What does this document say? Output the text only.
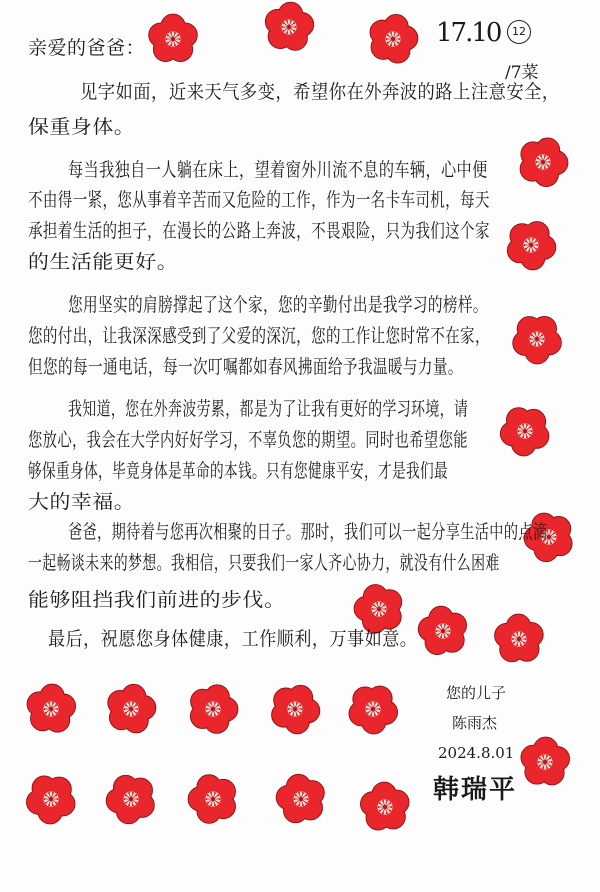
亲爱的爸爸：	17.10	12
/7菜
见字如面，近来天气多变，希望你在外奔波的路上注意安全，
保重身体。
每当我独自一人躺在床上，望着窗外川流不息的车辆，心中便
不由得一紧，您从事着辛苦而又危险的工作，作为一名卡车司机，每天
承担着生活的担子，在漫长的公路上奔波，不畏艰险，只为我们这个家
的生活能更好。
您用坚实的肩膀撑起了这个家，您的辛勤付出是我学习的榜样。
您的付出，让我深深感受到了父爱的深沉，您的工作让您时常不在家，
但您的每一通电话，每一次叮嘱都如春风拂面给予我温暖与力量。
我知道，您在外奔波劳累，都是为了让我有更好的学习环境，请
您放心，我会在大学内好好学习，不辜负您的期望。同时也希望您能
够保重身体，毕竟身体是革命的本钱。只有您健康平安，才是我们最
大的幸福。
爸爸，期待着与您再次相聚的日子。那时，我们可以一起分享生活中的点滴
一起畅谈未来的梦想。我相信，只要我们一家人齐心协力，就没有什么困难
能够阻挡我们前进的步伐。
最后，祝愿您身体健康，工作顺利，万事如意。
您的儿子
陈雨杰
2024.8.01
韩瑞平
